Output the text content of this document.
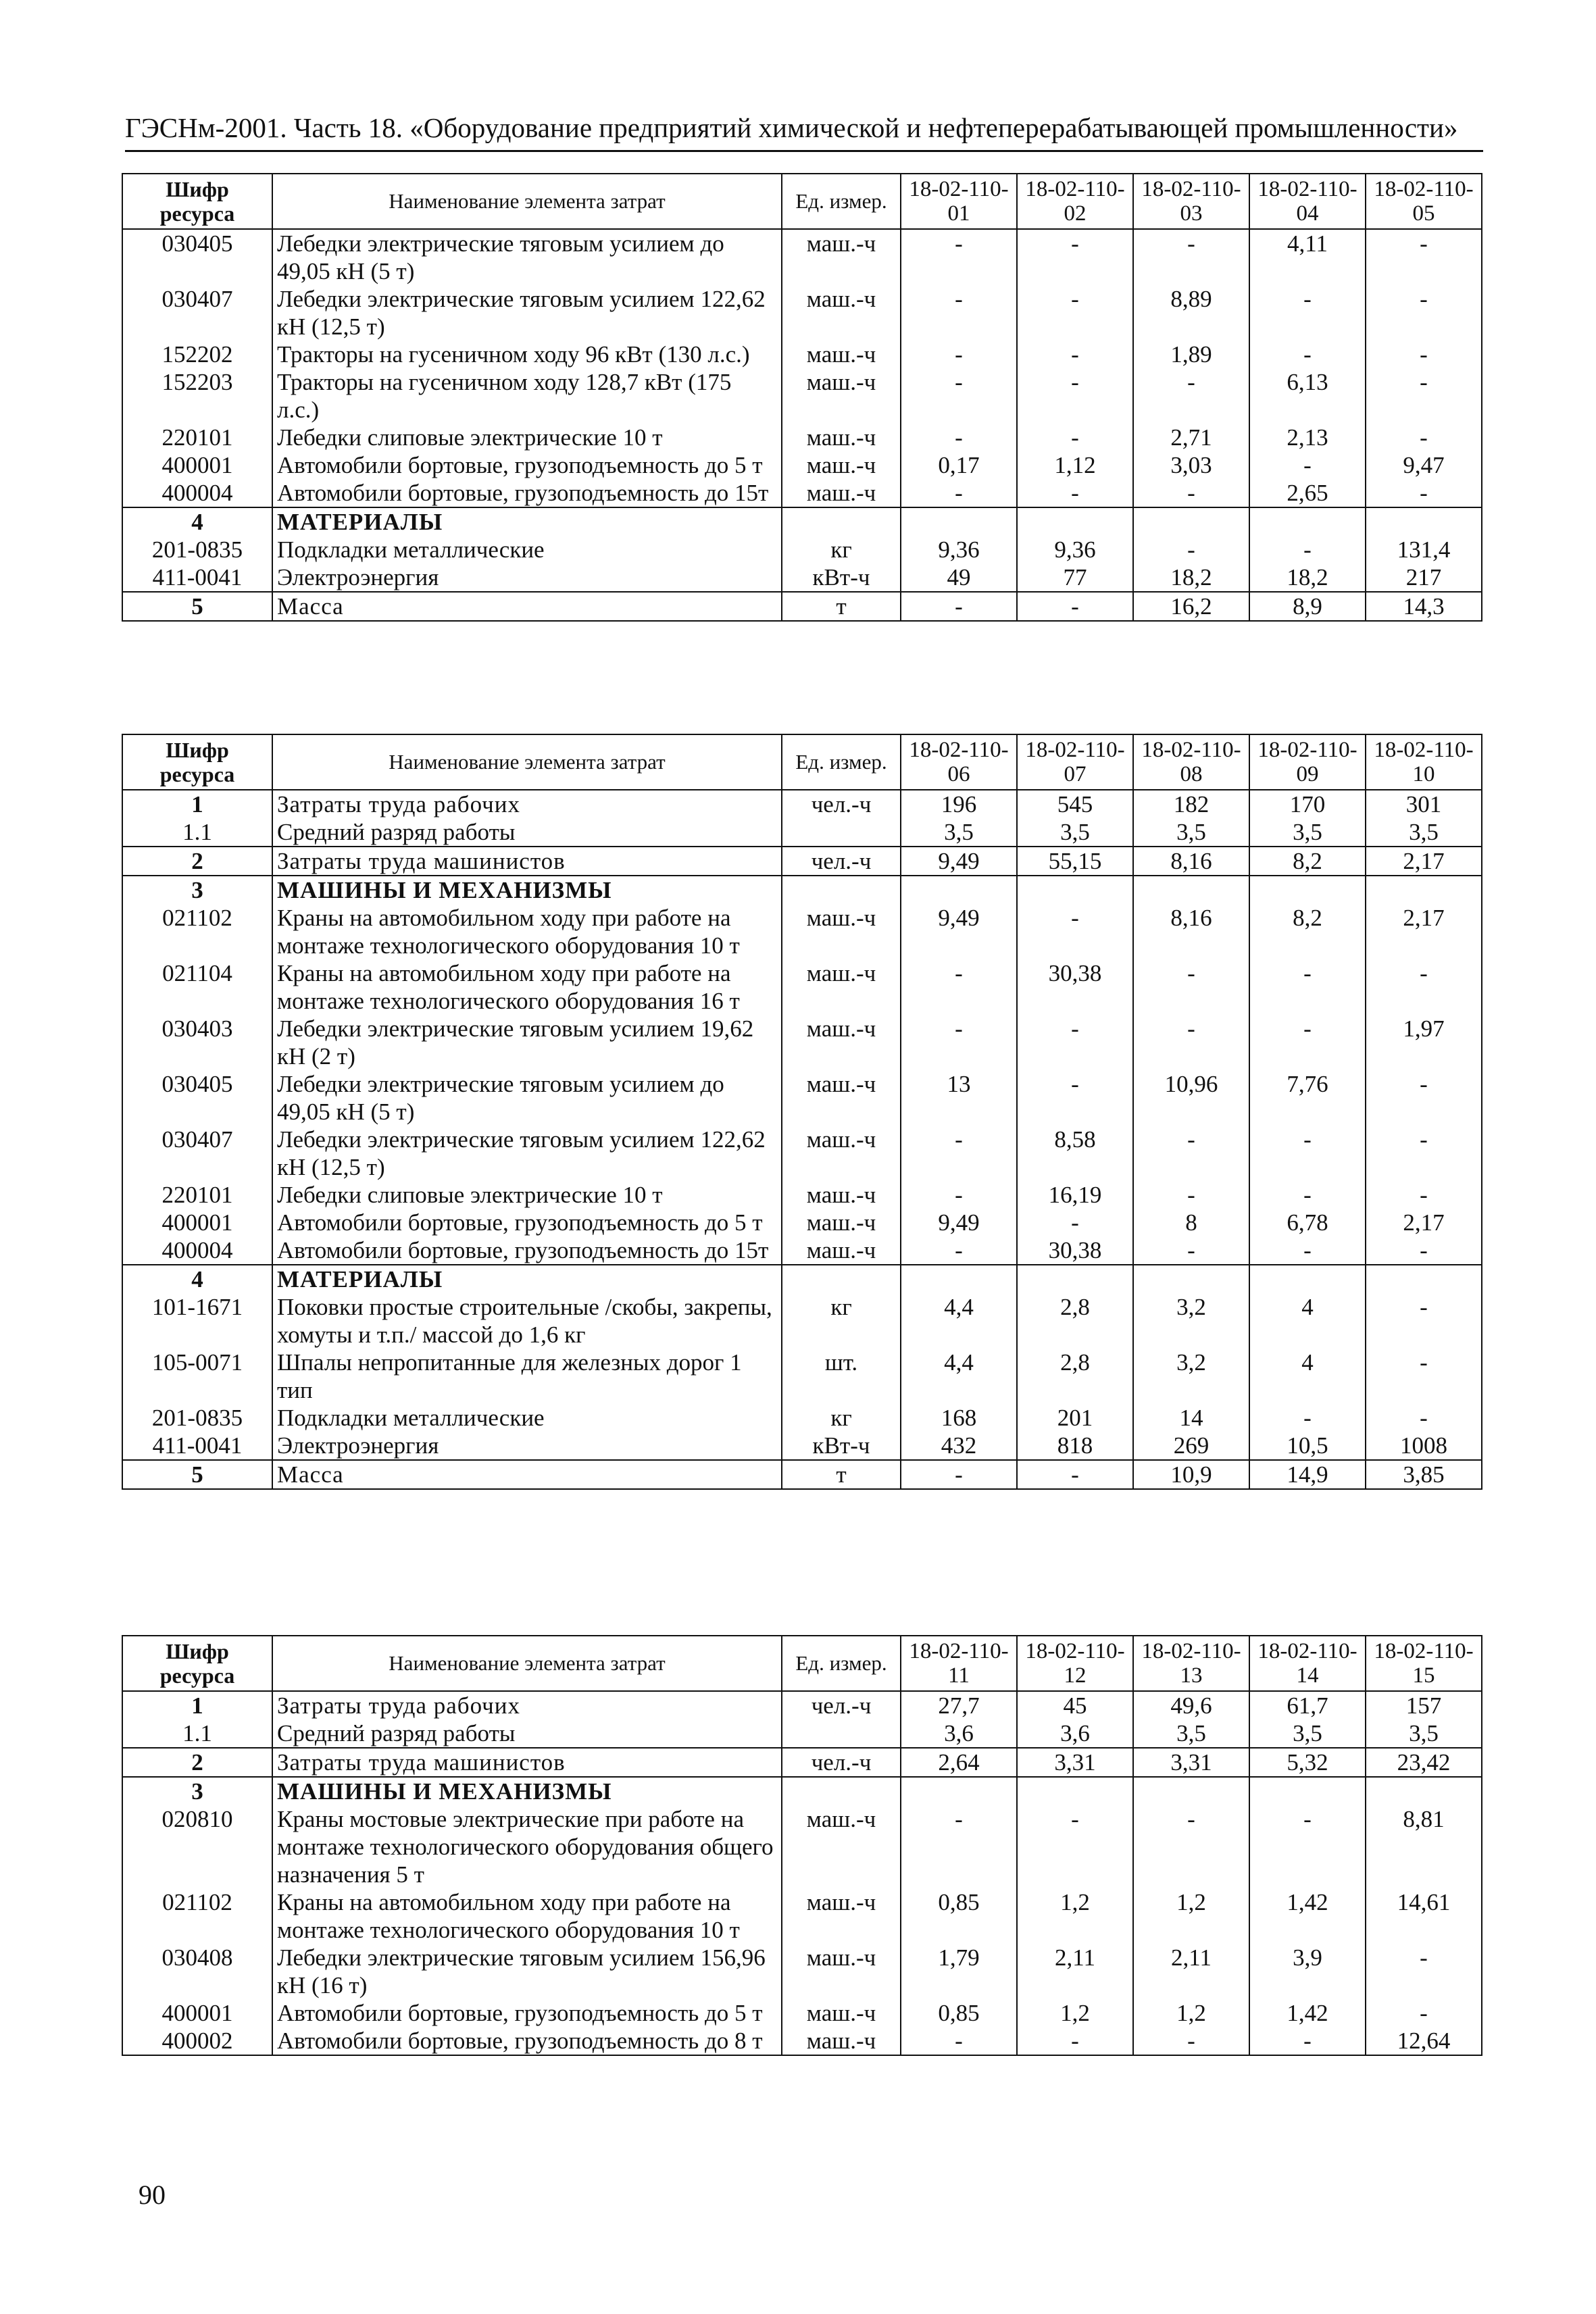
ГЭСНм-2001. Часть 18. «Оборудование предприятий химической и нефтеперерабатывающей промышленности»
Шифр ресурса	Наименование элемента затрат	Ед. измер.	18-02-110-01	18-02-110-02	18-02-110-03	18-02-110-04	18-02-110-05
030405	Лебедки электрические тяговым усилием до 49,05 кН (5 т)	маш.-ч	-	-	-	4,11	-
030407	Лебедки электрические тяговым усилием 122,62 кН (12,5 т)	маш.-ч	-	-	8,89	-	-
152202	Тракторы на гусеничном ходу 96 кВт (130 л.с.)	маш.-ч	-	-	1,89	-	-
152203	Тракторы на гусеничном ходу 128,7 кВт (175 л.с.)	маш.-ч	-	-	-	6,13	-
220101	Лебедки слиповые электрические 10 т	маш.-ч	-	-	2,71	2,13	-
400001	Автомобили бортовые, грузоподъемность до 5 т	маш.-ч	0,17	1,12	3,03	-	9,47
400004	Автомобили бортовые, грузоподъемность до 15т	маш.-ч	-	-	-	2,65	-
4	МАТЕРИАЛЫ						
201-0835	Подкладки металлические	кг	9,36	9,36	-	-	131,4
411-0041	Электроэнергия	кВт-ч	49	77	18,2	18,2	217
5	Масса	т	-	-	16,2	8,9	14,3
Шифр ресурса	Наименование элемента затрат	Ед. измер.	18-02-110-06	18-02-110-07	18-02-110-08	18-02-110-09	18-02-110-10
1	Затраты труда рабочих	чел.-ч	196	545	182	170	301
1.1	Средний разряд работы		3,5	3,5	3,5	3,5	3,5
2	Затраты труда машинистов	чел.-ч	9,49	55,15	8,16	8,2	2,17
3	МАШИНЫ И МЕХАНИЗМЫ						
021102	Краны на автомобильном ходу при работе на монтаже технологического оборудования 10 т	маш.-ч	9,49	-	8,16	8,2	2,17
021104	Краны на автомобильном ходу при работе на монтаже технологического оборудования 16 т	маш.-ч	-	30,38	-	-	-
030403	Лебедки электрические тяговым усилием 19,62 кН (2 т)	маш.-ч	-	-	-	-	1,97
030405	Лебедки электрические тяговым усилием до 49,05 кН (5 т)	маш.-ч	13	-	10,96	7,76	-
030407	Лебедки электрические тяговым усилием 122,62 кН (12,5 т)	маш.-ч	-	8,58	-	-	-
220101	Лебедки слиповые электрические 10 т	маш.-ч	-	16,19	-	-	-
400001	Автомобили бортовые, грузоподъемность до 5 т	маш.-ч	9,49	-	8	6,78	2,17
400004	Автомобили бортовые, грузоподъемность до 15т	маш.-ч	-	30,38	-	-	-
4	МАТЕРИАЛЫ						
101-1671	Поковки простые строительные /скобы, закрепы, хомуты и т.п./ массой до 1,6 кг	кг	4,4	2,8	3,2	4	-
105-0071	Шпалы непропитанные для железных дорог 1 тип	шт.	4,4	2,8	3,2	4	-
201-0835	Подкладки металлические	кг	168	201	14	-	-
411-0041	Электроэнергия	кВт-ч	432	818	269	10,5	1008
5	Масса	т	-	-	10,9	14,9	3,85
Шифр ресурса	Наименование элемента затрат	Ед. измер.	18-02-110-11	18-02-110-12	18-02-110-13	18-02-110-14	18-02-110-15
1	Затраты труда рабочих	чел.-ч	27,7	45	49,6	61,7	157
1.1	Средний разряд работы		3,6	3,6	3,5	3,5	3,5
2	Затраты труда машинистов	чел.-ч	2,64	3,31	3,31	5,32	23,42
3	МАШИНЫ И МЕХАНИЗМЫ						
020810	Краны мостовые электрические при работе на монтаже технологического оборудования общего назначения 5 т	маш.-ч	-	-	-	-	8,81
021102	Краны на автомобильном ходу при работе на монтаже технологического оборудования 10 т	маш.-ч	0,85	1,2	1,2	1,42	14,61
030408	Лебедки электрические тяговым усилием 156,96 кН (16 т)	маш.-ч	1,79	2,11	2,11	3,9	-
400001	Автомобили бортовые, грузоподъемность до 5 т	маш.-ч	0,85	1,2	1,2	1,42	-
400002	Автомобили бортовые, грузоподъемность до 8 т	маш.-ч	-	-	-	-	12,64
90
